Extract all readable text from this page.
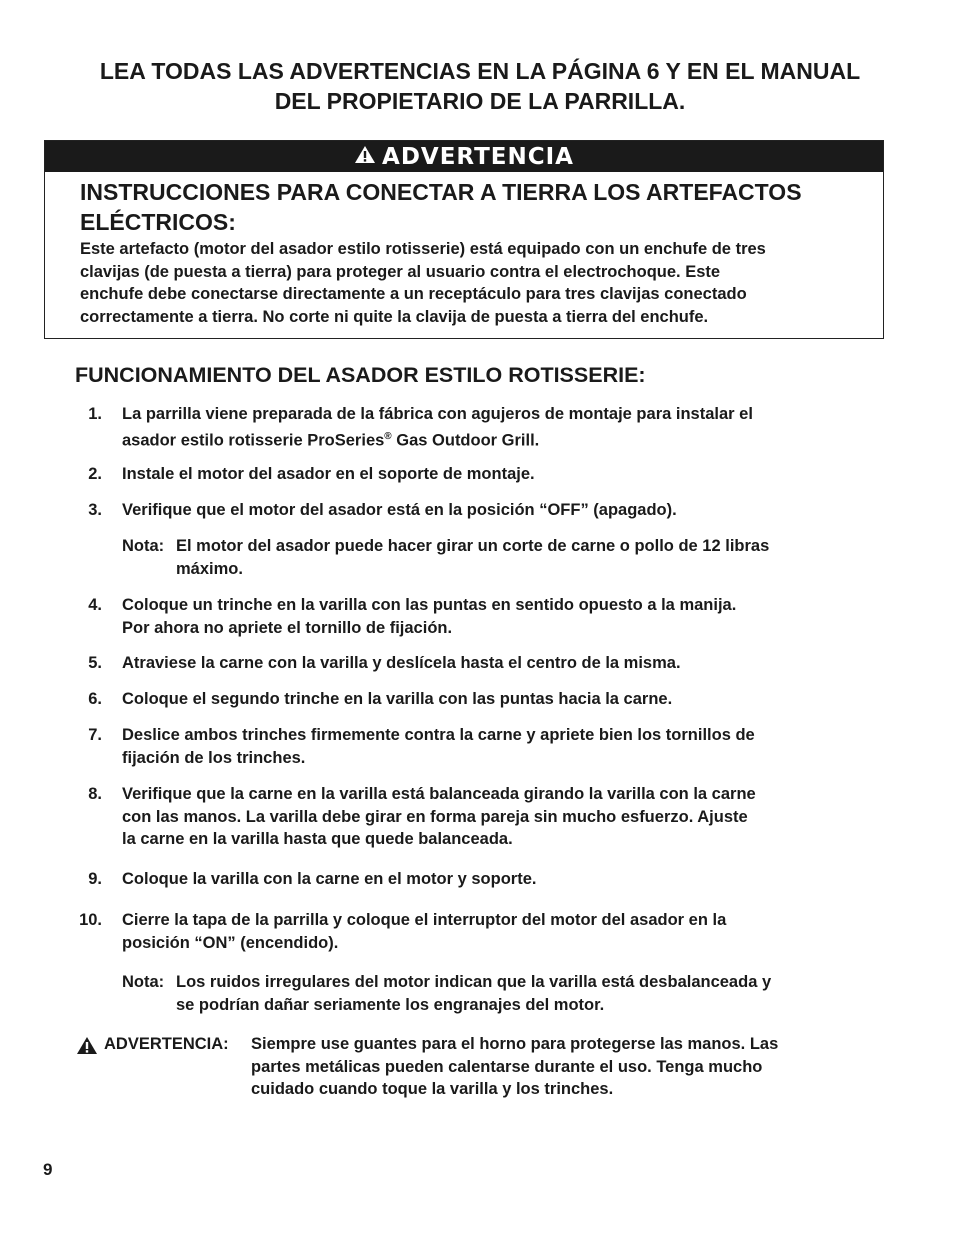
LEA TODAS LAS ADVERTENCIAS EN LA PÁGINA 6 Y EN EL MANUAL
DEL PROPIETARIO DE LA PARRILLA.
ADVERTENCIA
INSTRUCCIONES PARA CONECTAR A TIERRA LOS ARTEFACTOS
ELÉCTRICOS:
Este artefacto (motor del asador estilo rotisserie) está equipado con un enchufe de tres
clavijas (de puesta a tierra) para proteger al usuario contra el electrochoque. Este
enchufe debe conectarse directamente a un receptáculo para tres clavijas conectado
correctamente a tierra. No corte ni quite la clavija de puesta a tierra del enchufe.
FUNCIONAMIENTO DEL ASADOR ESTILO ROTISSERIE:
1. La parrilla viene preparada de la fábrica con agujeros de montaje para instalar el
asador estilo rotisserie ProSeries® Gas Outdoor Grill.
2. Instale el motor del asador en el soporte de montaje.
3. Verifique que el motor del asador está en la posición “OFF” (apagado).
Nota: El motor del asador puede hacer girar un corte de carne o pollo de 12 libras
máximo.
4. Coloque un trinche en la varilla con las puntas en sentido opuesto a la manija.
Por ahora no apriete el tornillo de fijación.
5. Atraviese la carne con la varilla y deslícela hasta el centro de la misma.
6. Coloque el segundo trinche en la varilla con las puntas hacia la carne.
7. Deslice ambos trinches firmemente contra la carne y apriete bien los tornillos de
fijación de los trinches.
8. Verifique que la carne en la varilla está balanceada girando la varilla con la carne
con las manos. La varilla debe girar en forma pareja sin mucho esfuerzo. Ajuste
la carne en la varilla hasta que quede balanceada.
9. Coloque la varilla con la carne en el motor y soporte.
10. Cierre la tapa de la parrilla y coloque el interruptor del motor del asador en la
posición “ON” (encendido).
Nota: Los ruidos irregulares del motor indican que la varilla está desbalanceada y
se podrían dañar seriamente los engranajes del motor.
ADVERTENCIA: Siempre use guantes para el horno para protegerse las manos. Las
partes metálicas pueden calentarse durante el uso. Tenga mucho
cuidado cuando toque la varilla y los trinches.
9
